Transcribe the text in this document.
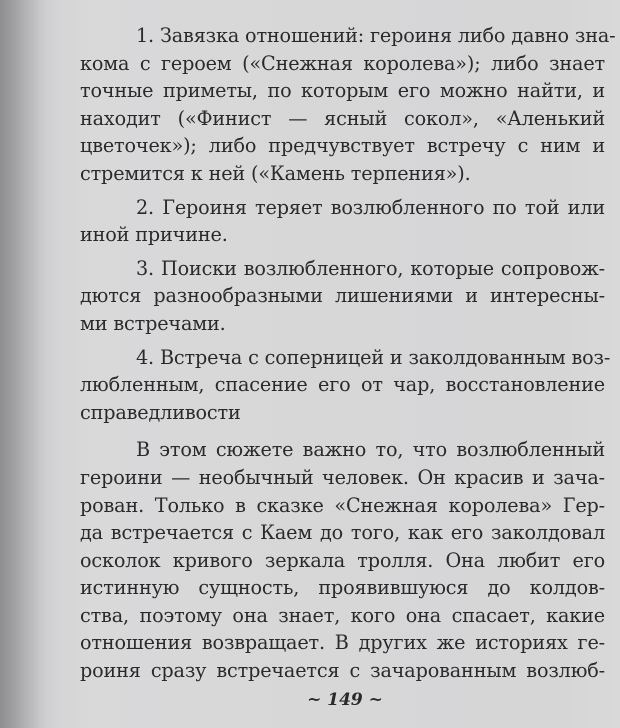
1. Завязка отношений: героиня либо давно зна-
кома с героем («Снежная королева»); либо знает
точные приметы, по которым его можно найти, и
находит («Финист — ясный сокол», «Аленький
цветочек»); либо предчувствует встречу с ним и
стремится к ней («Камень терпения»).
2. Героиня теряет возлюбленного по той или
иной причине.
3. Поиски возлюбленного, которые сопровож-
дются разнообразными лишениями и интересны-
ми встречами.
4. Встреча с соперницей и заколдованным воз-
любленным, спасение его от чар, восстановление
справедливости
В этом сюжете важно то, что возлюбленный
героини — необычный человек. Он красив и зача-
рован. Только в сказке «Снежная королева» Гер-
да встречается с Каем до того, как его заколдовал
осколок кривого зеркала тролля. Она любит его
истинную сущность, проявившуюся до колдов-
ства, поэтому она знает, кого она спасает, какие
отношения возвращает. В других же историях ге-
роиня сразу встречается с зачарованным возлюб-
~ 149 ~
